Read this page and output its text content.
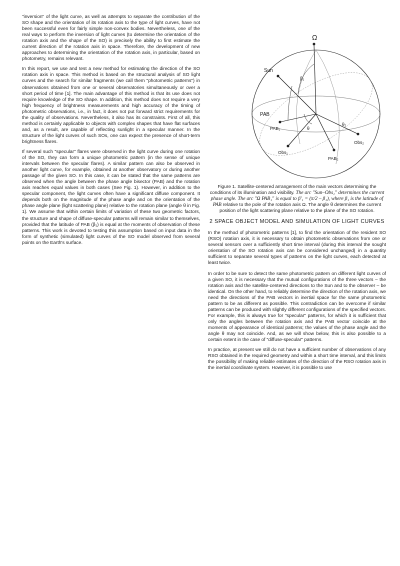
"inversion" of the light curve, as well as attempts to separate the contribution of the SO shape and the orientation of its rotation axis to the type of light curves, have not been successful even for fairly simple non-convex bodies. Nevertheless, one of the real ways to perform the inversion of light curves (to determine the orientation of the rotation axis and the shape of the SO) is precisely the ability to first estimate the current direction of the rotation axis in space. Therefore, the development of new approaches to determining the orientation of the rotation axis, in particular, based on photometry, remains relevant.

In this report, we use and test a new method for estimating the direction of the SO rotation axis in space. This method is based on the structural analysis of SO light curves and the search for similar fragments (we call them "photometric patterns") in observations obtained from one or several observatories simultaneously or over a short period of time [1]. The main advantage of this method is that its use does not require knowledge of the SO shape. In addition, this method does not require a very high frequency of brightness measurements and high accuracy of the timing of photometric observations, i.e., in fact, it does not put forward strict requirements for the quality of observations. Nevertheless, it also has its constraints. First of all, this method is certainly applicable to objects with complex shapes that have flat surfaces and, as a result, are capable of reflecting sunlight in a specular manner. In the structure of the light curves of such SOs, one can expect the presence of short-term brightness flares.

If several such "specular" flares were observed in the light curve during one rotation of the SO, they can form a unique photometric pattern (in the sense of unique intervals between the specular flares). A similar pattern can also be observed in another light curve, for example, obtained at another observatory or during another passage of the given SO. In this case, it can be stated that the same patterns are observed when the angle between the phase angle bisector (PAB) and the rotation axis reaches equal values in both cases (See Fig. 1). However, in addition to the specular component, the light curves often have a significant diffuse component. It depends both on the magnitude of the phase angle and on the orientation of the phase angle plane (light scattering plane) relative to the rotation plane (angle θ in Fig. 1). We assume that within certain limits of variation of these two geometric factors, the structure and shape of diffuse-specular patterns will remain similar to themselves, provided that the latitude of PAB (β₁) is equal at the moments of observation of these patterns. This work is devoted to testing this assumption based on input data in the form of synthetic (simulated) light curves of the SO model observed from several points on the Earth's surface.

Ω
Sun
β₁
PAB
PAB₁
Obs₁
Obs₂
PAB₂
θ
θ₂

Figure 1. Satellite-centered arrangement of the main vectors determining the conditions of its illumination and visibility. The arc "Sun–Obs₁" determines the current phase angle. The arc "Ω PAB₁" is equal to β'₁ = (π/2 – β₁), where β₁ is the latitude of PAB relative to the pole of the rotation axis Ω. The angle θ determines the current position of the light scattering plane relative to the plane of the SO rotation.

2 SPACE OBJECT MODEL AND SIMULATION OF LIGHT CURVES

In the method of photometric patterns [1], to find the orientation of the resident SO (RSO) rotation axis, it is necessary to obtain photometric observations from one or several sensors over a sufficiently short time interval (during this interval the sought orientation of the SO rotation axis can be considered unchanged) in a quantity sufficient to separate several types of patterns on the light curves, each detected at least twice.

In order to be sure to detect the same photometric pattern on different light curves of a given SO, it is necessary that the mutual configurations of the three vectors – the rotation axis and the satellite-centered directions to the Sun and to the observer – be identical. On the other hand, to reliably determine the direction of the rotation axis, we need the directions of the PAB vectors in inertial space for the same photometric pattern to be as different as possible. This contradiction can be overcome if similar patterns can be produced with slightly different configurations of the specified vectors. For example, this is always true for "specular" patterns, for which it is sufficient that only the angles between the rotation axis and the PAB vector coincide at the moments of appearance of identical patterns; the values of the phase angle and the angle θ may not coincide. And, as we will show below, this is also possible to a certain extent in the case of "diffuse-specular" patterns.

In practice, at present we still do not have a sufficient number of observations of any RSO obtained in the required geometry and within a short time interval, and this limits the possibility of making reliable estimates of the direction of the RSO rotation axis in the inertial coordinate system. However, it is possible to use
